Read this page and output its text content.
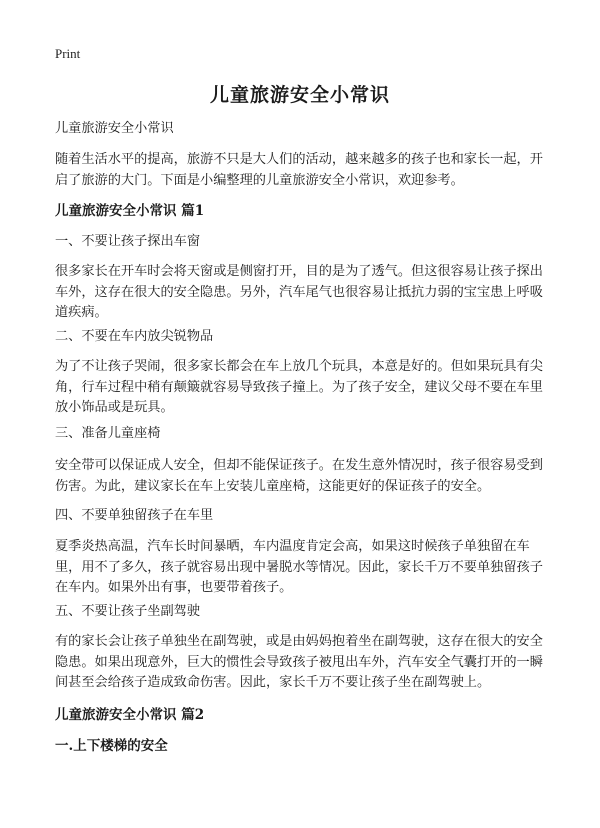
Print
儿童旅游安全小常识

儿童旅游安全小常识

随着生活水平的提高，旅游不只是大人们的活动，越来越多的孩子也和家长一起，开启了旅游的大门。下面是小编整理的儿童旅游安全小常识，欢迎参考。

儿童旅游安全小常识 篇1

一、不要让孩子探出车窗

很多家长在开车时会将天窗或是侧窗打开，目的是为了透气。但这很容易让孩子探出车外，这存在很大的安全隐患。另外，汽车尾气也很容易让抵抗力弱的宝宝患上呼吸道疾病。

二、不要在车内放尖锐物品

为了不让孩子哭闹，很多家长都会在车上放几个玩具，本意是好的。但如果玩具有尖角，行车过程中稍有颠簸就容易导致孩子撞上。为了孩子安全，建议父母不要在车里放小饰品或是玩具。

三、准备儿童座椅

安全带可以保证成人安全，但却不能保证孩子。在发生意外情况时，孩子很容易受到伤害。为此，建议家长在车上安装儿童座椅，这能更好的保证孩子的安全。

四、不要单独留孩子在车里

夏季炎热高温，汽车长时间暴晒，车内温度肯定会高，如果这时候孩子单独留在车里，用不了多久，孩子就容易出现中暑脱水等情况。因此，家长千万不要单独留孩子在车内。如果外出有事，也要带着孩子。

五、不要让孩子坐副驾驶

有的家长会让孩子单独坐在副驾驶，或是由妈妈抱着坐在副驾驶，这存在很大的安全隐患。如果出现意外，巨大的惯性会导致孩子被甩出车外，汽车安全气囊打开的一瞬间甚至会给孩子造成致命伤害。因此，家长千万不要让孩子坐在副驾驶上。

儿童旅游安全小常识 篇2

一.上下楼梯的安全
